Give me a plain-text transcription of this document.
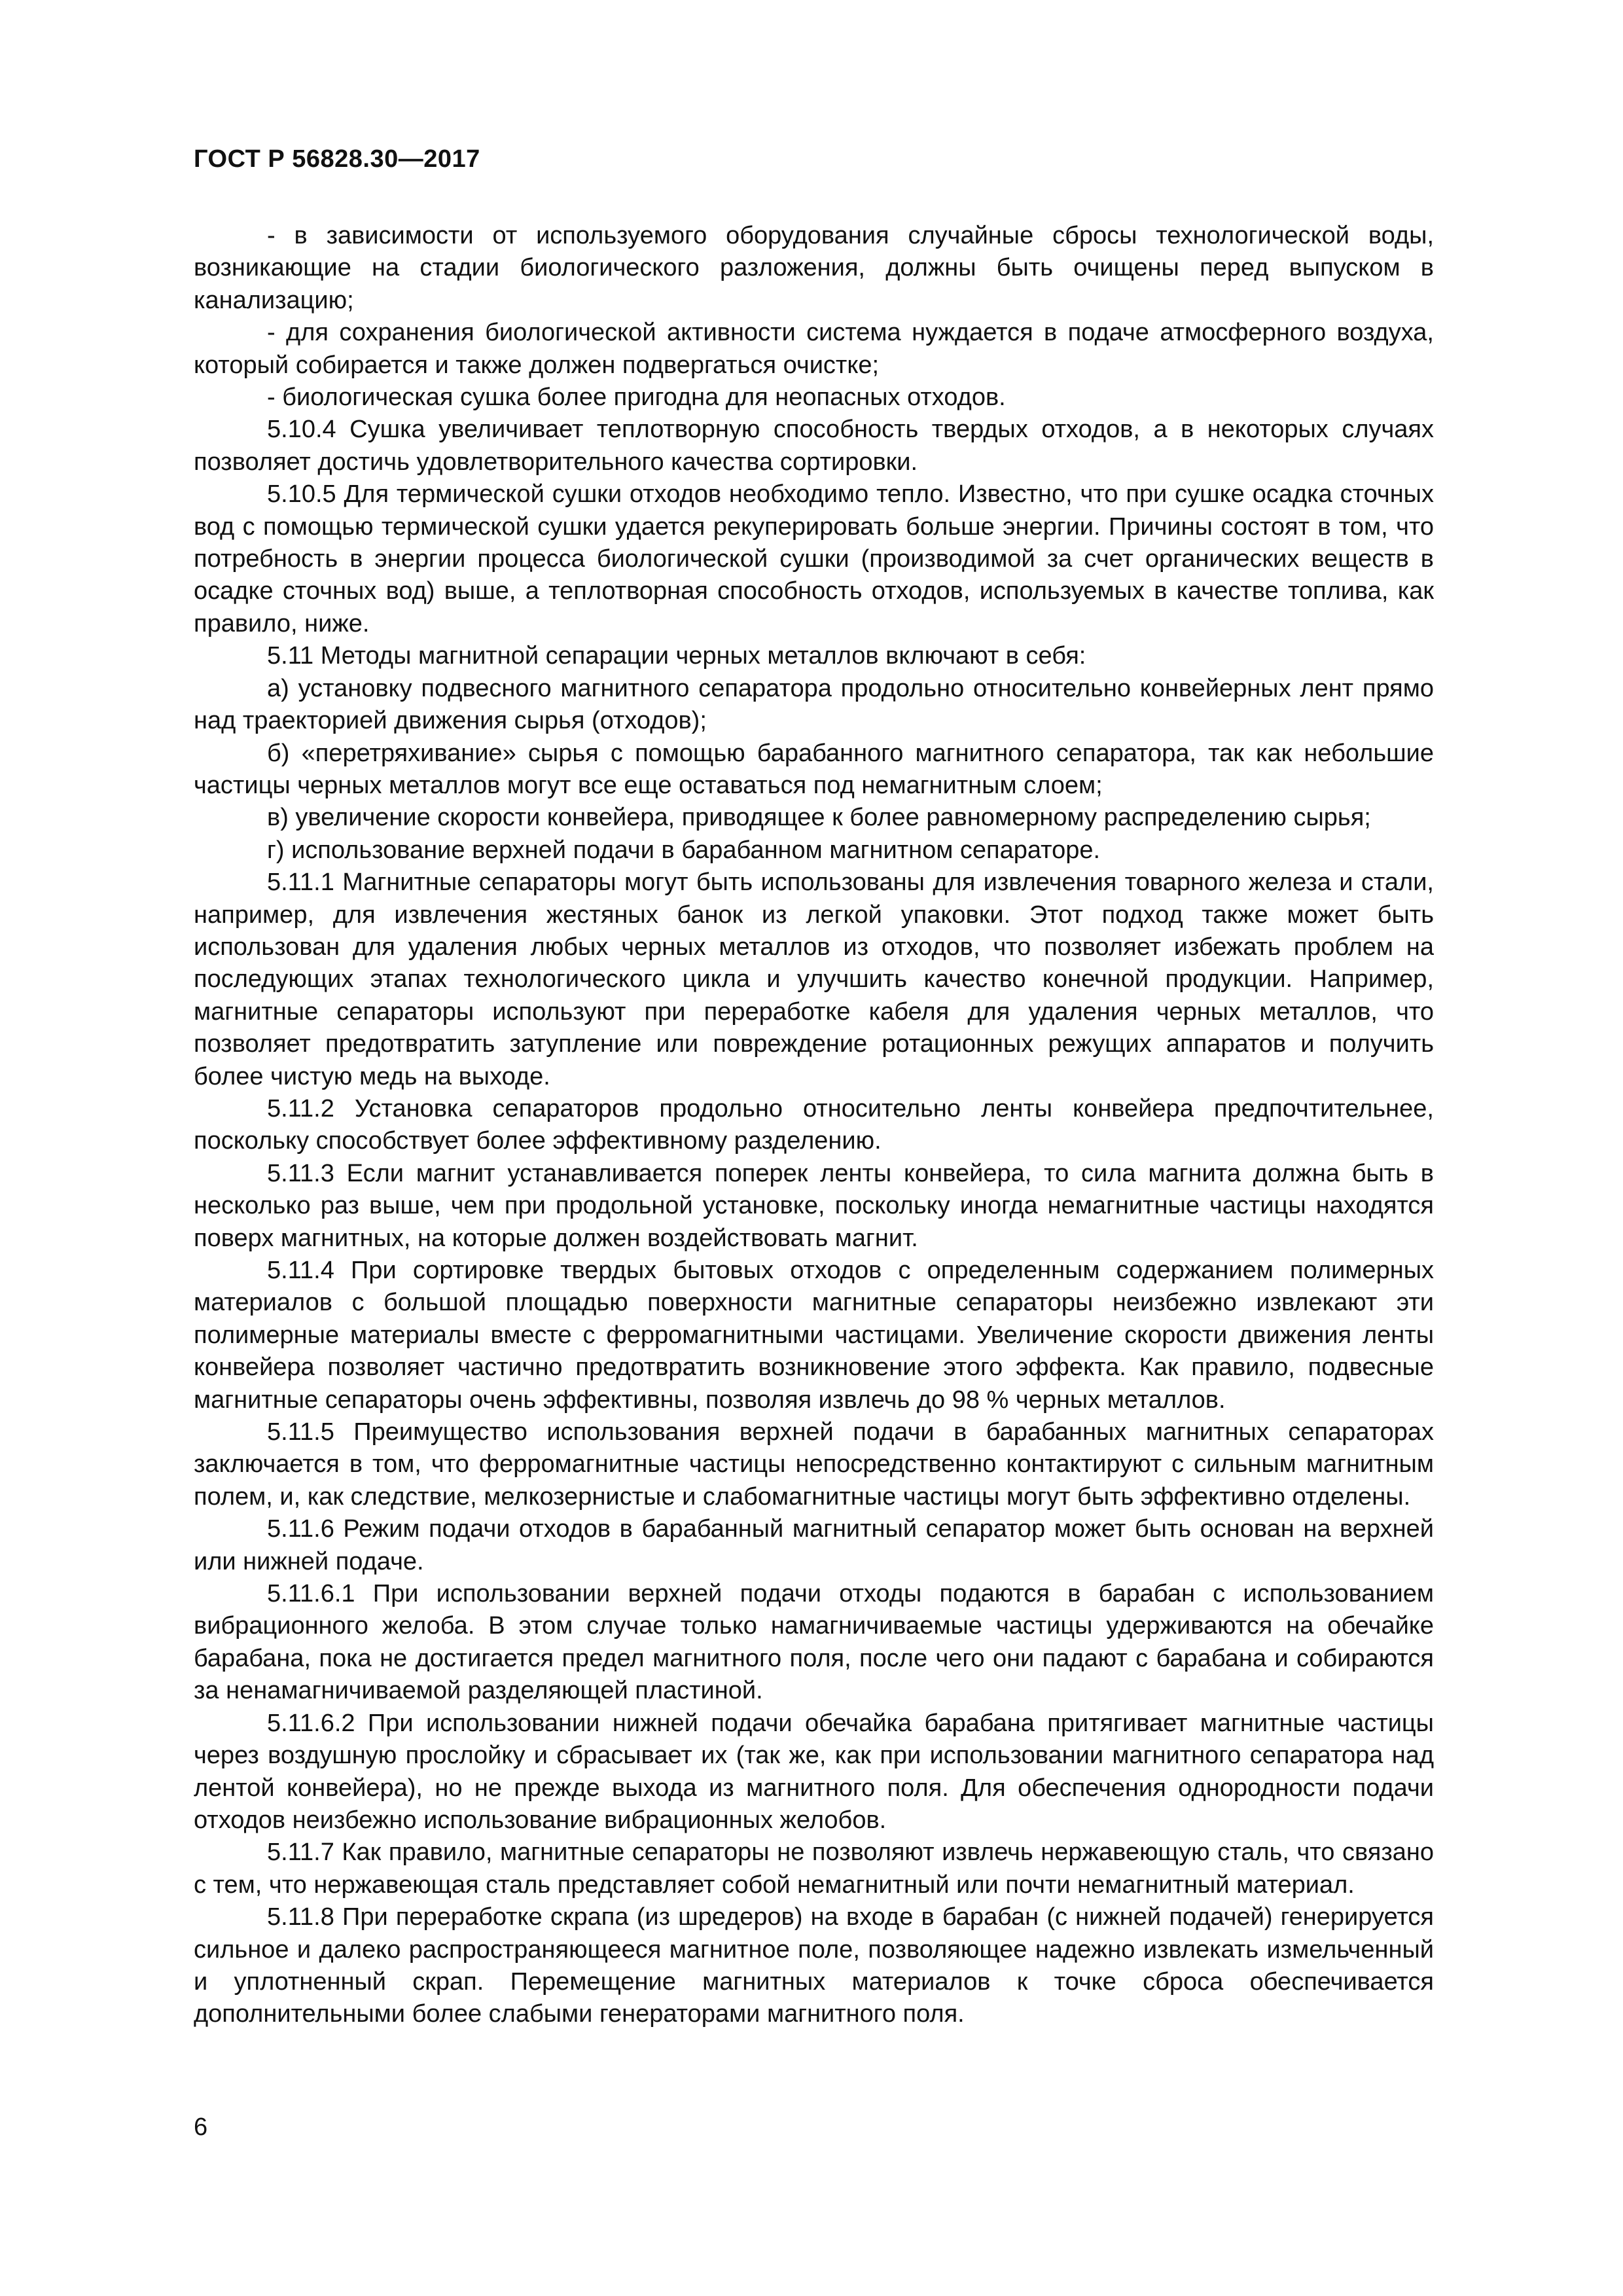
ГОСТ Р 56828.30—2017

- в зависимости от используемого оборудования случайные сбросы технологической воды, возникающие на стадии биологического разложения, должны быть очищены перед выпуском в канализацию;

- для сохранения биологической активности система нуждается в подаче атмосферного воздуха, который собирается и также должен подвергаться очистке;

- биологическая сушка более пригодна для неопасных отходов.

5.10.4 Сушка увеличивает теплотворную способность твердых отходов, а в некоторых случаях позволяет достичь удовлетворительного качества сортировки.

5.10.5 Для термической сушки отходов необходимо тепло. Известно, что при сушке осадка сточных вод с помощью термической сушки удается рекуперировать больше энергии. Причины состоят в том, что потребность в энергии процесса биологической сушки (производимой за счет органических веществ в осадке сточных вод) выше, а теплотворная способность отходов, используемых в качестве топлива, как правило, ниже.

5.11 Методы магнитной сепарации черных металлов включают в себя:

а) установку подвесного магнитного сепаратора продольно относительно конвейерных лент прямо над траекторией движения сырья (отходов);

б) «перетряхивание» сырья с помощью барабанного магнитного сепаратора, так как небольшие частицы черных металлов могут все еще оставаться под немагнитным слоем;

в) увеличение скорости конвейера, приводящее к более равномерному распределению сырья;

г) использование верхней подачи в барабанном магнитном сепараторе.

5.11.1 Магнитные сепараторы могут быть использованы для извлечения товарного железа и стали, например, для извлечения жестяных банок из легкой упаковки. Этот подход также может быть использован для удаления любых черных металлов из отходов, что позволяет избежать проблем на последующих этапах технологического цикла и улучшить качество конечной продукции. Например, магнитные сепараторы используют при переработке кабеля для удаления черных металлов, что позволяет предотвратить затупление или повреждение ротационных режущих аппаратов и получить более чистую медь на выходе.

5.11.2 Установка сепараторов продольно относительно ленты конвейера предпочтительнее, поскольку способствует более эффективному разделению.

5.11.3 Если магнит устанавливается поперек ленты конвейера, то сила магнита должна быть в несколько раз выше, чем при продольной установке, поскольку иногда немагнитные частицы находятся поверх магнитных, на которые должен воздействовать магнит.

5.11.4 При сортировке твердых бытовых отходов с определенным содержанием полимерных материалов с большой площадью поверхности магнитные сепараторы неизбежно извлекают эти полимерные материалы вместе с ферромагнитными частицами. Увеличение скорости движения ленты конвейера позволяет частично предотвратить возникновение этого эффекта. Как правило, подвесные магнитные сепараторы очень эффективны, позволяя извлечь до 98 % черных металлов.

5.11.5 Преимущество использования верхней подачи в барабанных магнитных сепараторах заключается в том, что ферромагнитные частицы непосредственно контактируют с сильным магнитным полем, и, как следствие, мелкозернистые и слабомагнитные частицы могут быть эффективно отделены.

5.11.6 Режим подачи отходов в барабанный магнитный сепаратор может быть основан на верхней или нижней подаче.

5.11.6.1 При использовании верхней подачи отходы подаются в барабан с использованием вибрационного желоба. В этом случае только намагничиваемые частицы удерживаются на обечайке барабана, пока не достигается предел магнитного поля, после чего они падают с барабана и собираются за ненамагничиваемой разделяющей пластиной.

5.11.6.2 При использовании нижней подачи обечайка барабана притягивает магнитные частицы через воздушную прослойку и сбрасывает их (так же, как при использовании магнитного сепаратора над лентой конвейера), но не прежде выхода из магнитного поля. Для обеспечения однородности подачи отходов неизбежно использование вибрационных желобов.

5.11.7 Как правило, магнитные сепараторы не позволяют извлечь нержавеющую сталь, что связано с тем, что нержавеющая сталь представляет собой немагнитный или почти немагнитный материал.

5.11.8 При переработке скрапа (из шредеров) на входе в барабан (с нижней подачей) генерируется сильное и далеко распространяющееся магнитное поле, позволяющее надежно извлекать измельченный и уплотненный скрап. Перемещение магнитных материалов к точке сброса обеспечивается дополнительными более слабыми генераторами магнитного поля.

6
